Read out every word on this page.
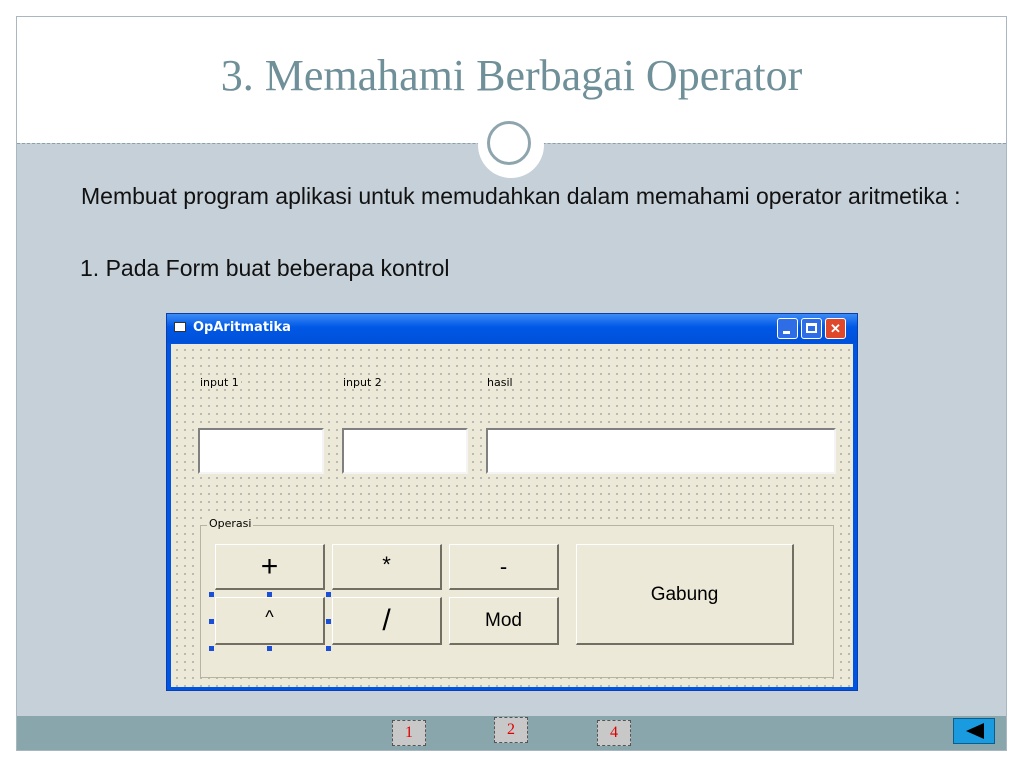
3. Memahami Berbagai Operator
Membuat program aplikasi untuk memudahkan dalam memahami operator aritmetika :
1. Pada Form buat beberapa kontrol
OpAritmatika	✕
input 1	input 2	hasil
Operasi
+	*	-
Gabung
^	/	Mod
1	2	4
